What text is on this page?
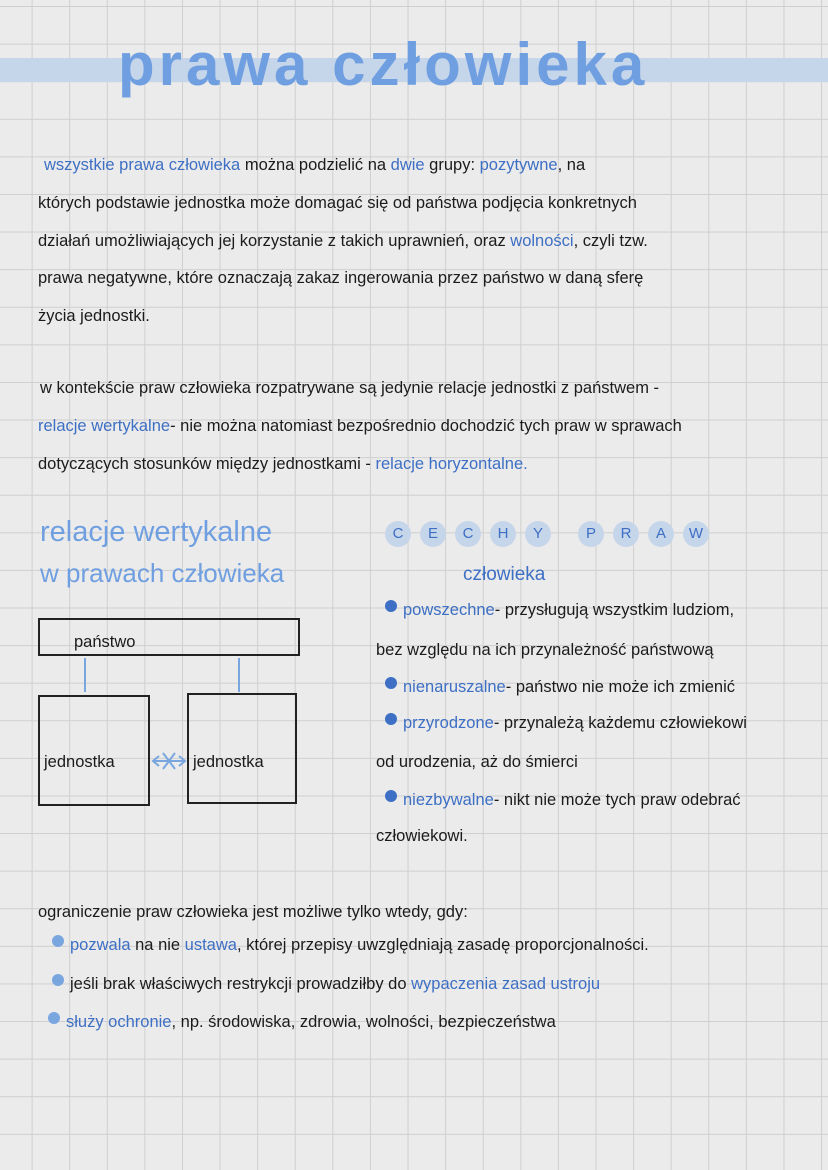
prawa człowieka
wszystkie prawa człowieka można podzielić na dwie grupy: pozytywne, na
których podstawie jednostka może domagać się od państwa podjęcia konkretnych
działań umożliwiających jej korzystanie z takich uprawnień, oraz wolności, czyli tzw.
prawa negatywne, które oznaczają zakaz ingerowania przez państwo w daną sferę
życia jednostki.
w kontekście praw człowieka rozpatrywane są jedynie relacje jednostki z państwem -
relacje wertykalne- nie można natomiast bezpośrednio dochodzić tych praw w sprawach
dotyczących stosunków między jednostkami - relacje horyzontalne.
relacje wertykalne
w prawach człowieka
państwo
jednostka	jednostka
C E C H Y	P R A W
człowieka
powszechne- przysługują wszystkim ludziom,
bez względu na ich przynależność państwową
nienaruszalne- państwo nie może ich zmienić
przyrodzone- przynależą każdemu człowiekowi
od urodzenia, aż do śmierci
niezbywalne- nikt nie może tych praw odebrać
człowiekowi.
ograniczenie praw człowieka jest możliwe tylko wtedy, gdy:
pozwala na nie ustawa, której przepisy uwzględniają zasadę proporcjonalności.
jeśli brak właściwych restrykcji prowadziłby do wypaczenia zasad ustroju
służy ochronie, np. środowiska, zdrowia, wolności, bezpieczeństwa
